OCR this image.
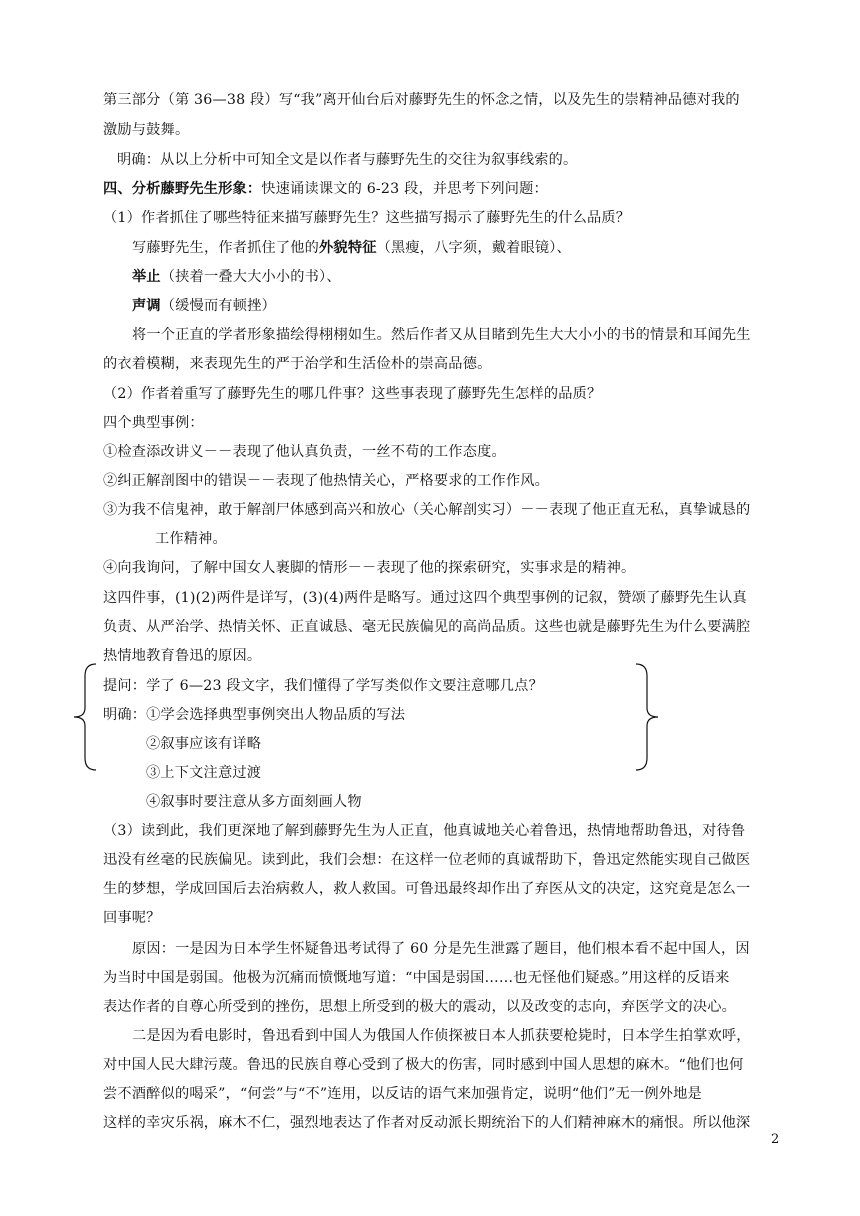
第三部分（第 36—38 段）写“我”离开仙台后对藤野先生的怀念之情，以及先生的崇精神品德对我的
激励与鼓舞。
明确：从以上分析中可知全文是以作者与藤野先生的交往为叙事线索的。
四、分析藤野先生形象：快速诵读课文的 6-23 段，并思考下列问题：
（1）作者抓住了哪些特征来描写藤野先生？这些描写揭示了藤野先生的什么品质？
写藤野先生，作者抓住了他的外貌特征（黑瘦，八字须，戴着眼镜）、
举止（挟着一叠大大小小的书）、
声调（缓慢而有顿挫）
将一个正直的学者形象描绘得栩栩如生。然后作者又从目睹到先生大大小小的书的情景和耳闻先生
的衣着模糊，来表现先生的严于治学和生活俭朴的崇高品德。
（2）作者着重写了藤野先生的哪几件事？这些事表现了藤野先生怎样的品质？
四个典型事例：
①检查添改讲义－－表现了他认真负责，一丝不苟的工作态度。
②纠正解剖图中的错误－－表现了他热情关心，严格要求的工作作风。
③为我不信鬼神，敢于解剖尸体感到高兴和放心（关心解剖实习）－－表现了他正直无私，真挚诚恳的
工作精神。
④向我询问，了解中国女人裹脚的情形－－表现了他的探索研究，实事求是的精神。
这四件事，(1)(2)两件是详写，(3)(4)两件是略写。通过这四个典型事例的记叙，赞颂了藤野先生认真
负责、从严治学、热情关怀、正直诚恳、毫无民族偏见的高尚品质。这些也就是藤野先生为什么要满腔
热情地教育鲁迅的原因。
提问：学了 6—23 段文字，我们懂得了学写类似作文要注意哪几点？
明确：①学会选择典型事例突出人物品质的写法
②叙事应该有详略
③上下文注意过渡
④叙事时要注意从多方面刻画人物
（3）读到此，我们更深地了解到藤野先生为人正直，他真诚地关心着鲁迅，热情地帮助鲁迅，对待鲁
迅没有丝毫的民族偏见。读到此，我们会想：在这样一位老师的真诚帮助下，鲁迅定然能实现自己做医
生的梦想，学成回国后去治病救人，救人救国。可鲁迅最终却作出了弃医从文的决定，这究竟是怎么一
回事呢？
原因：一是因为日本学生怀疑鲁迅考试得了 60 分是先生泄露了题目，他们根本看不起中国人，因
为当时中国是弱国。他极为沉痛而愤慨地写道：“中国是弱国……也无怪他们疑惑。”用这样的反语来
表达作者的自尊心所受到的挫伤，思想上所受到的极大的震动，以及改变的志向，弃医学文的决心。
二是因为看电影时，鲁迅看到中国人为俄国人作侦探被日本人抓获要枪毙时，日本学生拍掌欢呼，
对中国人民大肆污蔑。鲁迅的民族自尊心受到了极大的伤害，同时感到中国人思想的麻木。“他们也何
尝不酒醉似的喝采”，“何尝”与“不”连用，以反诘的语气来加强肯定，说明“他们”无一例外地是
这样的幸灾乐祸，麻木不仁，强烈地表达了作者对反动派长期统治下的人们精神麻木的痛恨。所以他深
2
